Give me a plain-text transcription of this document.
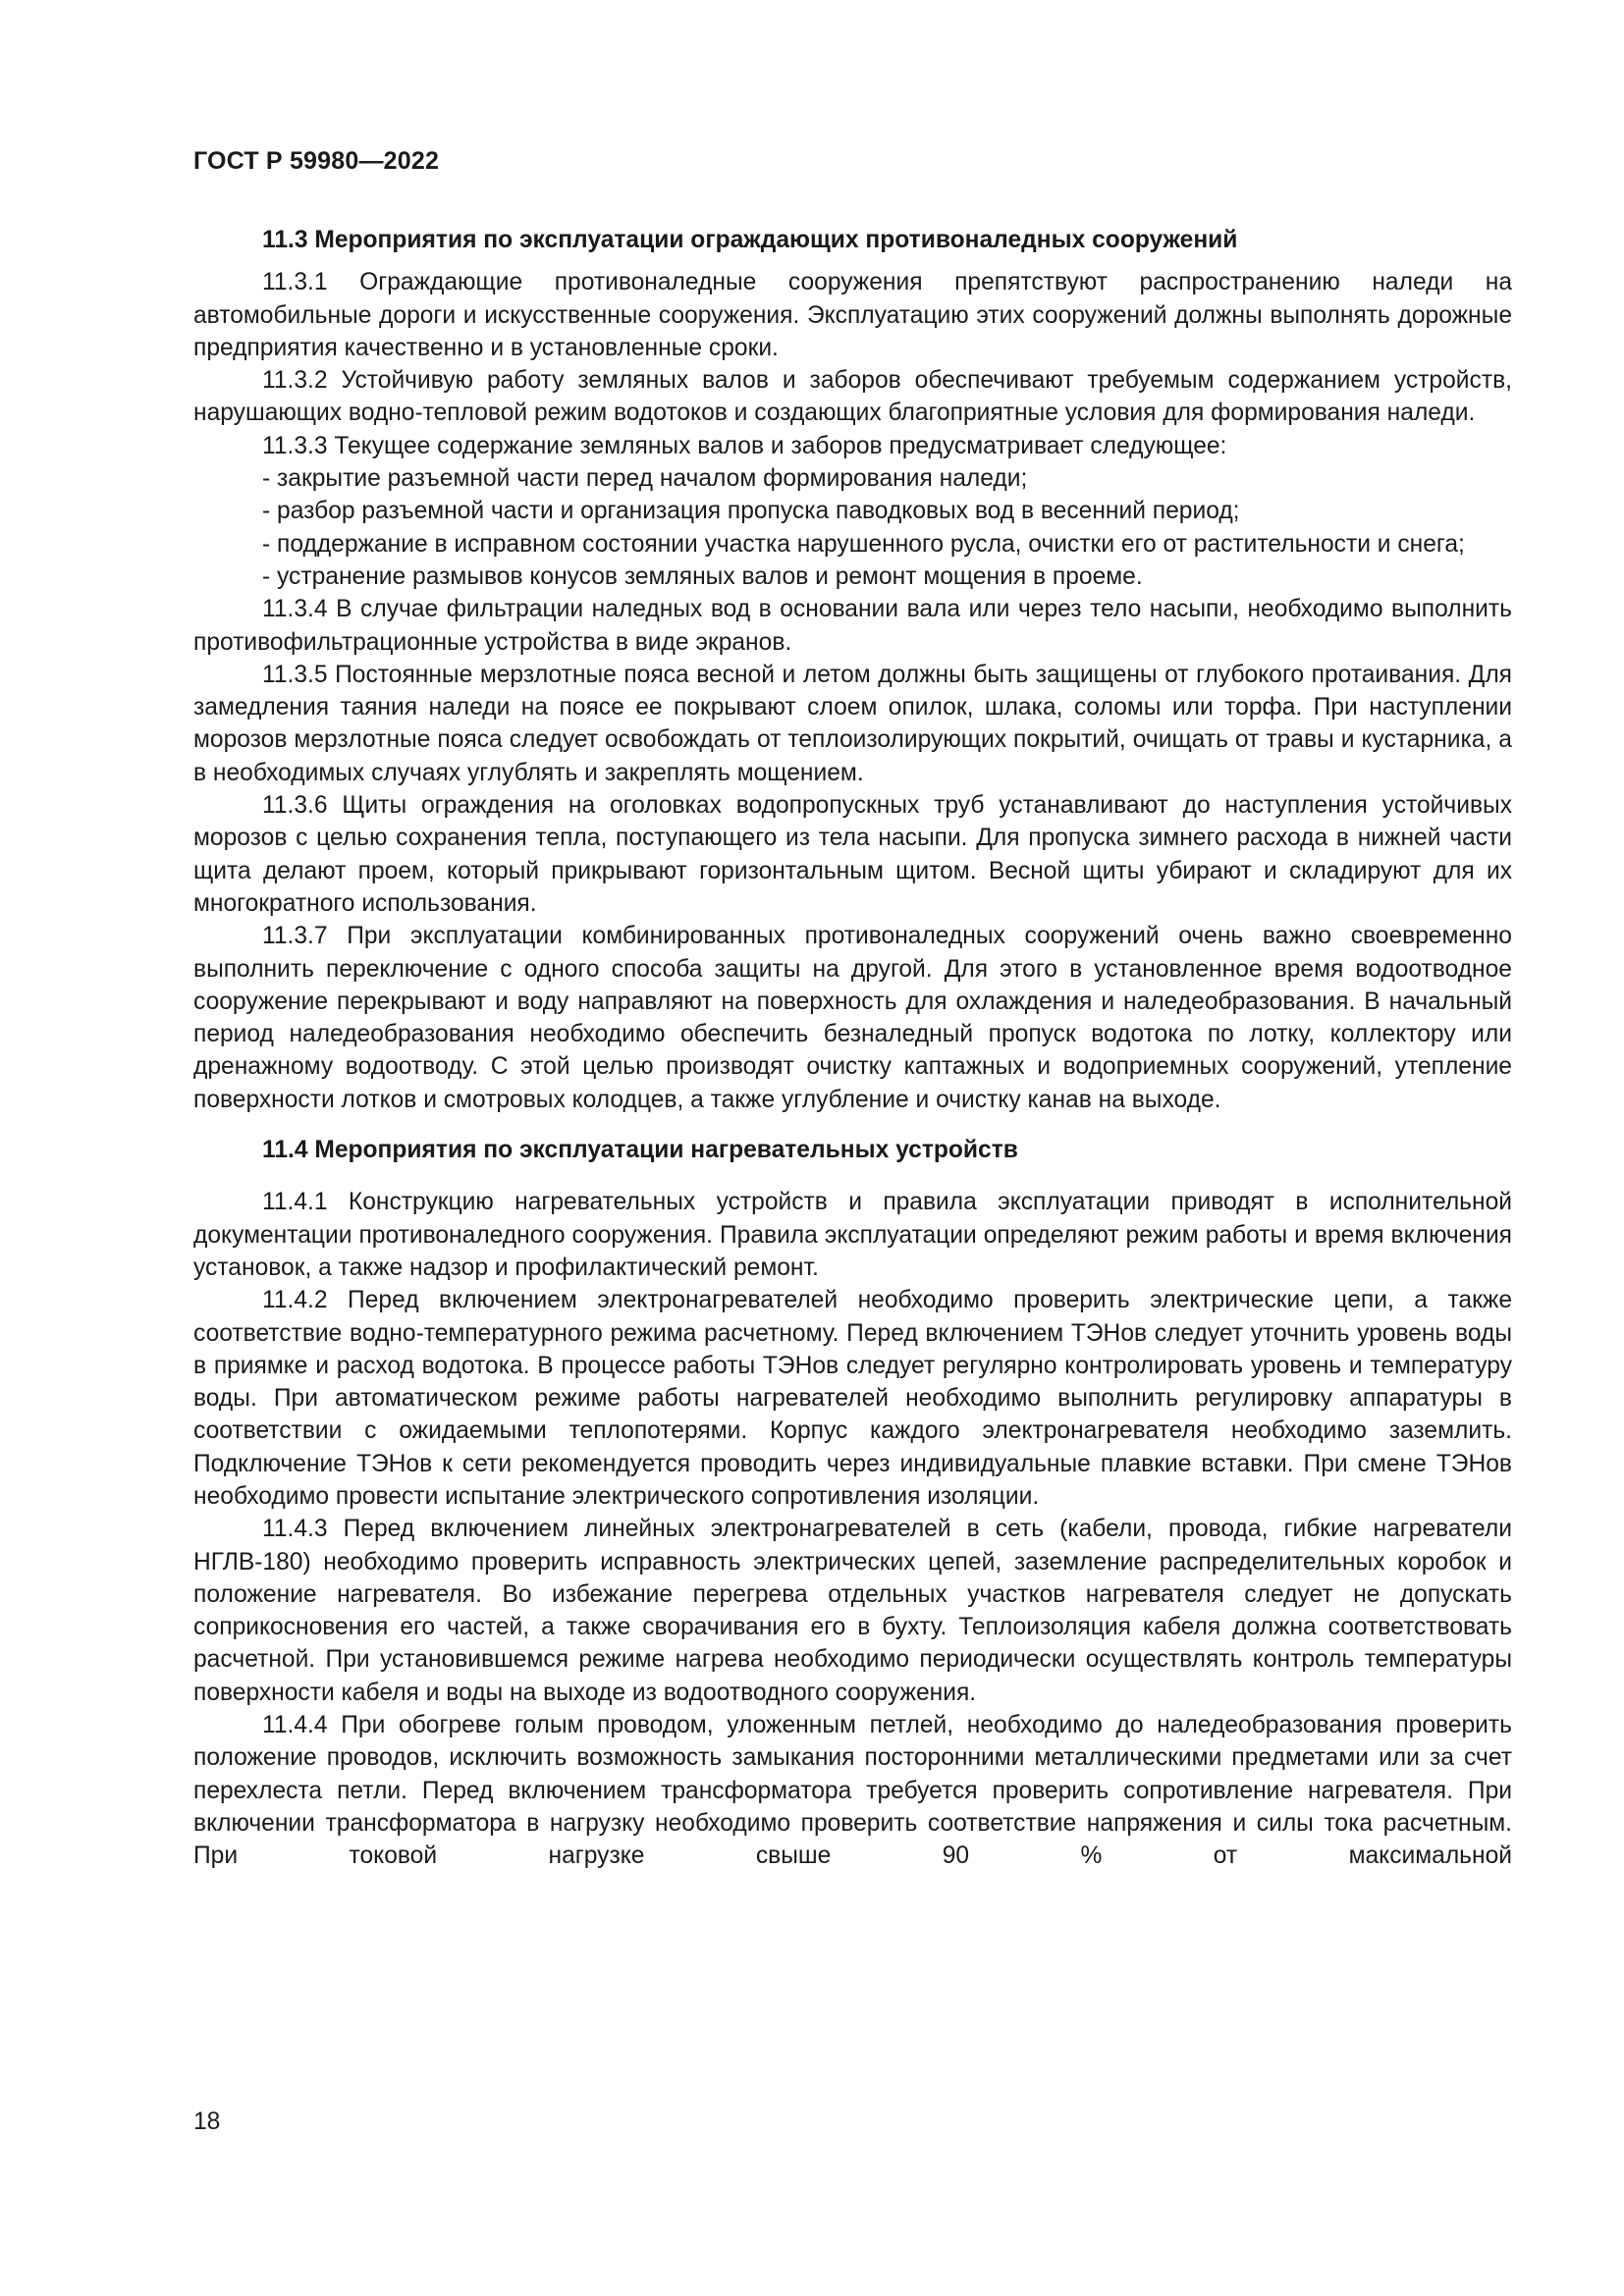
ГОСТ Р 59980—2022
11.3 Мероприятия по эксплуатации ограждающих противоналедных сооружений

11.3.1 Ограждающие противоналедные сооружения препятствуют распространению наледи на автомобильные дороги и искусственные сооружения. Эксплуатацию этих сооружений должны выполнять дорожные предприятия качественно и в установленные сроки.

11.3.2 Устойчивую работу земляных валов и заборов обеспечивают требуемым содержанием устройств, нарушающих водно-тепловой режим водотоков и создающих благоприятные условия для формирования наледи.

11.3.3 Текущее содержание земляных валов и заборов предусматривает следующее:

- закрытие разъемной части перед началом формирования наледи;

- разбор разъемной части и организация пропуска паводковых вод в весенний период;

- поддержание в исправном состоянии участка нарушенного русла, очистки его от растительности и снега;

- устранение размывов конусов земляных валов и ремонт мощения в проеме.

11.3.4 В случае фильтрации наледных вод в основании вала или через тело насыпи, необходимо выполнить противофильтрационные устройства в виде экранов.

11.3.5 Постоянные мерзлотные пояса весной и летом должны быть защищены от глубокого протаивания. Для замедления таяния наледи на поясе ее покрывают слоем опилок, шлака, соломы или торфа. При наступлении морозов мерзлотные пояса следует освобождать от теплоизолирующих покрытий, очищать от травы и кустарника, а в необходимых случаях углублять и закреплять мощением.

11.3.6 Щиты ограждения на оголовках водопропускных труб устанавливают до наступления устойчивых морозов с целью сохранения тепла, поступающего из тела насыпи. Для пропуска зимнего расхода в нижней части щита делают проем, который прикрывают горизонтальным щитом. Весной щиты убирают и складируют для их многократного использования.

11.3.7 При эксплуатации комбинированных противоналедных сооружений очень важно своевременно выполнить переключение с одного способа защиты на другой. Для этого в установленное время водоотводное сооружение перекрывают и воду направляют на поверхность для охлаждения и наледеобразования. В начальный период наледеобразования необходимо обеспечить безналедный пропуск водотока по лотку, коллектору или дренажному водоотводу. С этой целью производят очистку каптажных и водоприемных сооружений, утепление поверхности лотков и смотровых колодцев, а также углубление и очистку канав на выходе.

11.4 Мероприятия по эксплуатации нагревательных устройств

11.4.1 Конструкцию нагревательных устройств и правила эксплуатации приводят в исполнительной документации противоналедного сооружения. Правила эксплуатации определяют режим работы и время включения установок, а также надзор и профилактический ремонт.

11.4.2 Перед включением электронагревателей необходимо проверить электрические цепи, а также соответствие водно-температурного режима расчетному. Перед включением ТЭНов следует уточнить уровень воды в приямке и расход водотока. В процессе работы ТЭНов следует регулярно контролировать уровень и температуру воды. При автоматическом режиме работы нагревателей необходимо выполнить регулировку аппаратуры в соответствии с ожидаемыми теплопотерями. Корпус каждого электронагревателя необходимо заземлить. Подключение ТЭНов к сети рекомендуется проводить через индивидуальные плавкие вставки. При смене ТЭНов необходимо провести испытание электрического сопротивления изоляции.

11.4.3 Перед включением линейных электронагревателей в сеть (кабели, провода, гибкие нагреватели НГЛВ-180) необходимо проверить исправность электрических цепей, заземление распределительных коробок и положение нагревателя. Во избежание перегрева отдельных участков нагревателя следует не допускать соприкосновения его частей, а также сворачивания его в бухту. Теплоизоляция кабеля должна соответствовать расчетной. При установившемся режиме нагрева необходимо периодически осуществлять контроль температуры поверхности кабеля и воды на выходе из водоотводного сооружения.

11.4.4 При обогреве голым проводом, уложенным петлей, необходимо до наледеобразования проверить положение проводов, исключить возможность замыкания посторонними металлическими предметами или за счет перехлеста петли. Перед включением трансформатора требуется проверить сопротивление нагревателя. При включении трансформатора в нагрузку необходимо проверить соответствие напряжения и силы тока расчетным. При токовой нагрузке свыше 90 % от максимальной

18
